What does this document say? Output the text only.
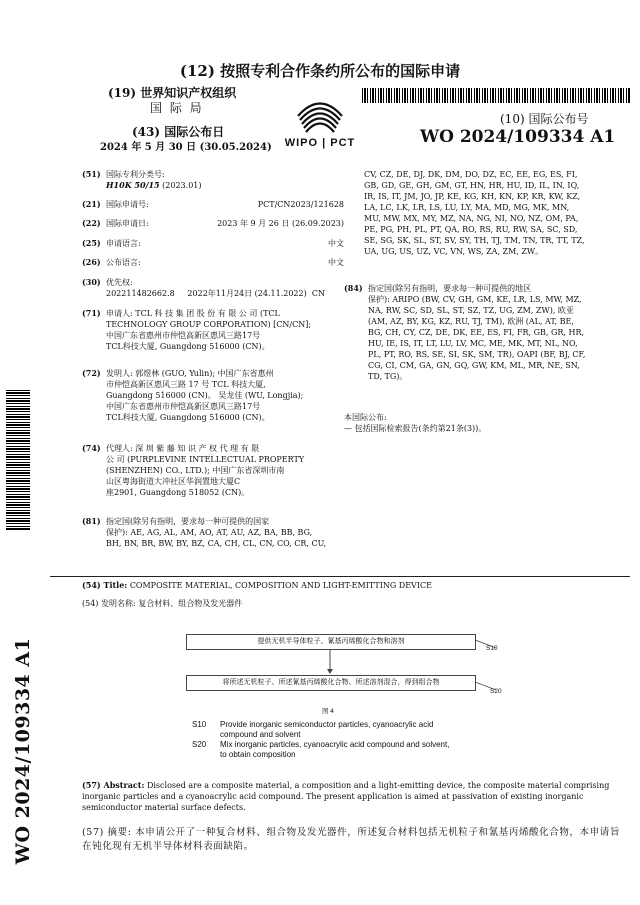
(12) 按照专利合作条约所公布的国际申请
(19) 世界知识产权组织
国 际 局
(43) 国际公布日
2024 年 5 月 30 日 (30.05.2024)	WIPO | PCT
(10) 国际公布号
WO 2024/109334 A1
WO 2024/109334 A1
(51) 国际专利分类号:
H10K 50/15 (2023.01)
(21) 国际申请号:	PCT/CN2023/121628
(22) 国际申请日:	2023 年 9 月 26 日 (26.09.2023)
(25) 申请语言:	中文
(26) 公布语言:	中文
(30) 优先权:
202211482662.8     2022年11月24日 (24.11.2022)  CN
(71) 申请人: TCL 科 技 集 团 股 份 有 限 公 司 (TCL
TECHNOLOGY GROUP CORPORATION) [CN/CN];
中国广东省惠州市仲恺高新区惠风三路17号
TCL科技大厦, Guangdong 516000 (CN)。
(72) 发明人: 郭煜林 (GUO, Yulin); 中国广东省惠州
市仲恺高新区惠风三路 17 号 TCL 科技大厦,
Guangdong 516000 (CN)。 吴龙佳 (WU, Longjia);
中国广东省惠州市仲恺高新区惠风三路17号
TCL科技大厦, Guangdong 516000 (CN)。
(74) 代理人: 深 圳 紫 藤 知 识 产 权 代 理 有 限
公 司 (PURPLEVINE INTELLECTUAL PROPERTY
(SHENZHEN) CO., LTD.); 中国广东省深圳市南
山区粤海街道大冲社区华润置地大厦C
座2901, Guangdong 518052 (CN)。
(81) 指定国(除另有指明，要求每一种可提供的国家
保护): AE, AG, AL, AM, AO, AT, AU, AZ, BA, BB, BG,
BH, BN, BR, BW, BY, BZ, CA, CH, CL, CN, CO, CR, CU,
CV, CZ, DE, DJ, DK, DM, DO, DZ, EC, EE, EG, ES, FI,
GB, GD, GE, GH, GM, GT, HN, HR, HU, ID, IL, IN, IQ,
IR, IS, IT, JM, JO, JP, KE, KG, KH, KN, KP, KR, KW, KZ,
LA, LC, LK, LR, LS, LU, LY, MA, MD, MG, MK, MN,
MU, MW, MX, MY, MZ, NA, NG, NI, NO, NZ, OM, PA,
PE, PG, PH, PL, PT, QA, RO, RS, RU, RW, SA, SC, SD,
SE, SG, SK, SL, ST, SV, SY, TH, TJ, TM, TN, TR, TT, TZ,
UA, UG, US, UZ, VC, VN, WS, ZA, ZM, ZW。
(84) 指定国(除另有指明，要求每一种可提供的地区
保护): ARIPO (BW, CV, GH, GM, KE, LR, LS, MW, MZ,
NA, RW, SC, SD, SL, ST, SZ, TZ, UG, ZM, ZW), 欧亚
(AM, AZ, BY, KG, KZ, RU, TJ, TM), 欧洲 (AL, AT, BE,
BG, CH, CY, CZ, DE, DK, EE, ES, FI, FR, GB, GR, HR,
HU, IE, IS, IT, LT, LU, LV, MC, ME, MK, MT, NL, NO,
PL, PT, RO, RS, SE, SI, SK, SM, TR), OAPI (BF, BJ, CF,
CG, CI, CM, GA, GN, GQ, GW, KM, ML, MR, NE, SN,
TD, TG)。
本国际公布:
— 包括国际检索报告(条约第21条(3))。
(54) Title: COMPOSITE MATERIAL, COMPOSITION AND LIGHT-EMITTING DEVICE
(54) 发明名称: 复合材料、组合物及发光器件
提供无机半导体粒子、氰基丙烯酸化合物和溶剂
S10
将所述无机粒子、所述氰基丙烯酸化合物、所述溶剂混合，得到组合物
S20
图 4
S10 Provide inorganic semiconductor particles, cyanoacrylic acid
compound and solvent
S20 Mix inorganic particles, cyanoacrylic acid compound and solvent,
to obtain composition
(57) Abstract: Disclosed are a composite material, a composition and a light-emitting device, the composite material comprising inorganic particles and a cyanoacrylic acid compound. The present application is aimed at passivation of existing inorganic semiconductor material surface defects.
(57) 摘要: 本申请公开了一种复合材料、组合物及发光器件，所述复合材料包括无机粒子和氰基丙烯酸化合物，本申请旨在钝化现有无机半导体材料表面缺陷。
